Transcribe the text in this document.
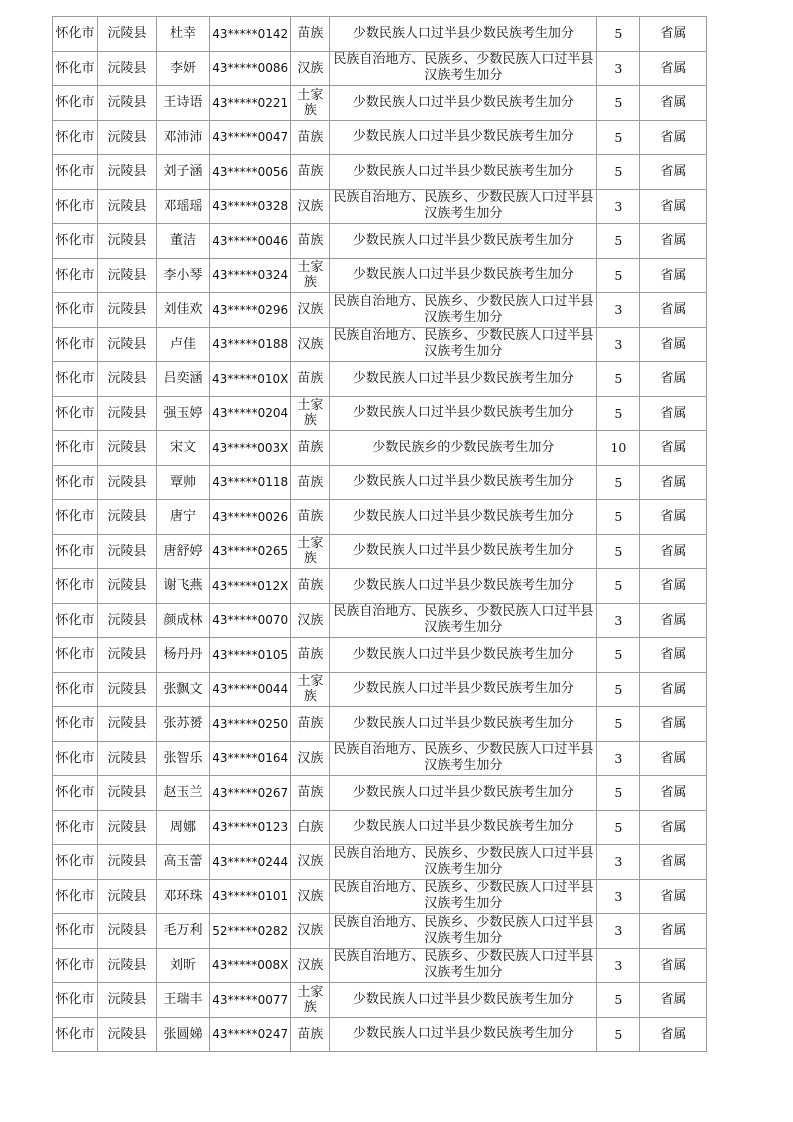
怀化市	沅陵县	杜幸	43*****0142	苗族	少数民族人口过半县少数民族考生加分	5	省属

怀化市	沅陵县	李妍	43*****0086	汉族	民族自治地方、民族乡、少数民族人口过半县汉族考生加分	3	省属

怀化市	沅陵县	王诗语	43*****0221	土家族	少数民族人口过半县少数民族考生加分	5	省属

怀化市	沅陵县	邓沛沛	43*****0047	苗族	少数民族人口过半县少数民族考生加分	5	省属

怀化市	沅陵县	刘子涵	43*****0056	苗族	少数民族人口过半县少数民族考生加分	5	省属

怀化市	沅陵县	邓瑶瑶	43*****0328	汉族	民族自治地方、民族乡、少数民族人口过半县汉族考生加分	3	省属

怀化市	沅陵县	董洁	43*****0046	苗族	少数民族人口过半县少数民族考生加分	5	省属

怀化市	沅陵县	李小琴	43*****0324	土家族	少数民族人口过半县少数民族考生加分	5	省属

怀化市	沅陵县	刘佳欢	43*****0296	汉族	民族自治地方、民族乡、少数民族人口过半县汉族考生加分	3	省属

怀化市	沅陵县	卢佳	43*****0188	汉族	民族自治地方、民族乡、少数民族人口过半县汉族考生加分	3	省属

怀化市	沅陵县	吕奕涵	43*****010X	苗族	少数民族人口过半县少数民族考生加分	5	省属

怀化市	沅陵县	强玉婷	43*****0204	土家族	少数民族人口过半县少数民族考生加分	5	省属

怀化市	沅陵县	宋文	43*****003X	苗族	少数民族乡的少数民族考生加分	10	省属

怀化市	沅陵县	覃帅	43*****0118	苗族	少数民族人口过半县少数民族考生加分	5	省属

怀化市	沅陵县	唐宁	43*****0026	苗族	少数民族人口过半县少数民族考生加分	5	省属

怀化市	沅陵县	唐舒婷	43*****0265	土家族	少数民族人口过半县少数民族考生加分	5	省属

怀化市	沅陵县	谢飞燕	43*****012X	苗族	少数民族人口过半县少数民族考生加分	5	省属

怀化市	沅陵县	颜成林	43*****0070	汉族	民族自治地方、民族乡、少数民族人口过半县汉族考生加分	3	省属

怀化市	沅陵县	杨丹丹	43*****0105	苗族	少数民族人口过半县少数民族考生加分	5	省属

怀化市	沅陵县	张飘文	43*****0044	土家族	少数民族人口过半县少数民族考生加分	5	省属

怀化市	沅陵县	张苏赟	43*****0250	苗族	少数民族人口过半县少数民族考生加分	5	省属

怀化市	沅陵县	张智乐	43*****0164	汉族	民族自治地方、民族乡、少数民族人口过半县汉族考生加分	3	省属

怀化市	沅陵县	赵玉兰	43*****0267	苗族	少数民族人口过半县少数民族考生加分	5	省属

怀化市	沅陵县	周娜	43*****0123	白族	少数民族人口过半县少数民族考生加分	5	省属

怀化市	沅陵县	高玉蕾	43*****0244	汉族	民族自治地方、民族乡、少数民族人口过半县汉族考生加分	3	省属

怀化市	沅陵县	邓环珠	43*****0101	汉族	民族自治地方、民族乡、少数民族人口过半县汉族考生加分	3	省属

怀化市	沅陵县	毛万利	52*****0282	汉族	民族自治地方、民族乡、少数民族人口过半县汉族考生加分	3	省属

怀化市	沅陵县	刘昕	43*****008X	汉族	民族自治地方、民族乡、少数民族人口过半县汉族考生加分	3	省属

怀化市	沅陵县	王瑞丰	43*****0077	土家族	少数民族人口过半县少数民族考生加分	5	省属

怀化市	沅陵县	张圆娣	43*****0247	苗族	少数民族人口过半县少数民族考生加分	5	省属
